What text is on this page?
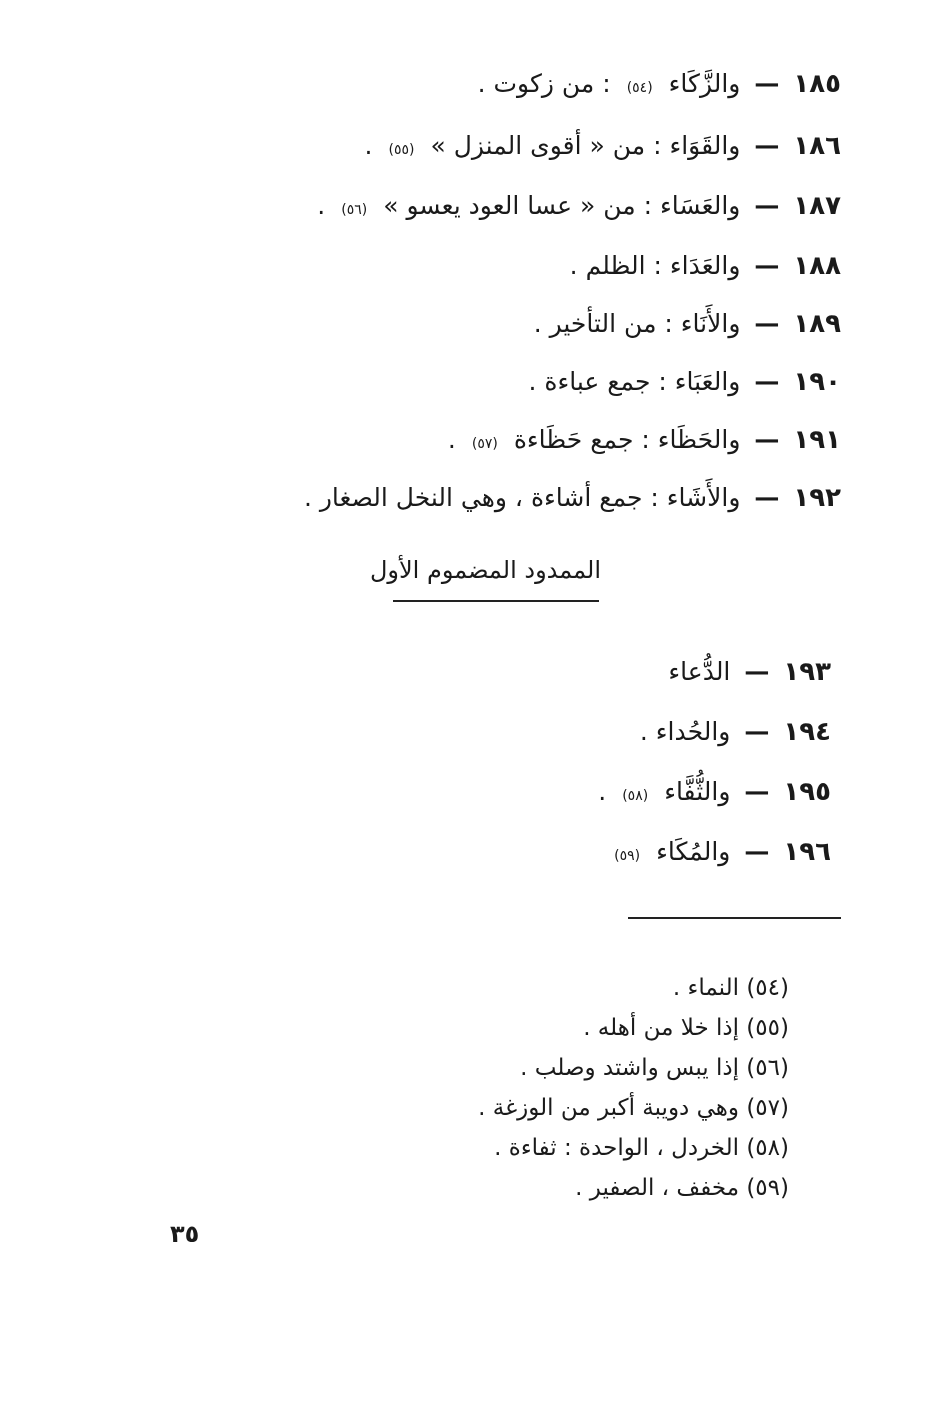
١٨٥
—
والزَّكَاء
(٥٤)
: من زكوت .
١٨٦
—
والقَوَاء : من « أقوى المنزل »
(٥٥)
.
١٨٧
—
والعَسَاء : من « عسا العود يعسو »
(٥٦)
.
١٨٨
—
والعَدَاء : الظلم .
١٨٩
—
والأَنَاء : من التأخير .
١٩٠
—
والعَبَاء : جمع عباءة .
١٩١
—
والحَظَاء : جمع حَظَاءة
(٥٧)
.
١٩٢
—
والأَشَاء : جمع أشاءة ، وهي النخل الصغار .
الممدود المضموم الأول
١٩٣
—
الدُّعاء
١٩٤
—
والحُداء .
١٩٥
—
والثُّفَّاء
(٥٨)
.
١٩٦
—
والمُكَاء
(٥٩)
(٥٤) النماء .
(٥٥) إذا خلا من أهله .
(٥٦) إذا يبس واشتد وصلب .
(٥٧) وهي دويبة أكبر من الوزغة .
(٥٨) الخردل ، الواحدة : ثفاءة .
(٥٩) مخفف ، الصفير .
٣٥
